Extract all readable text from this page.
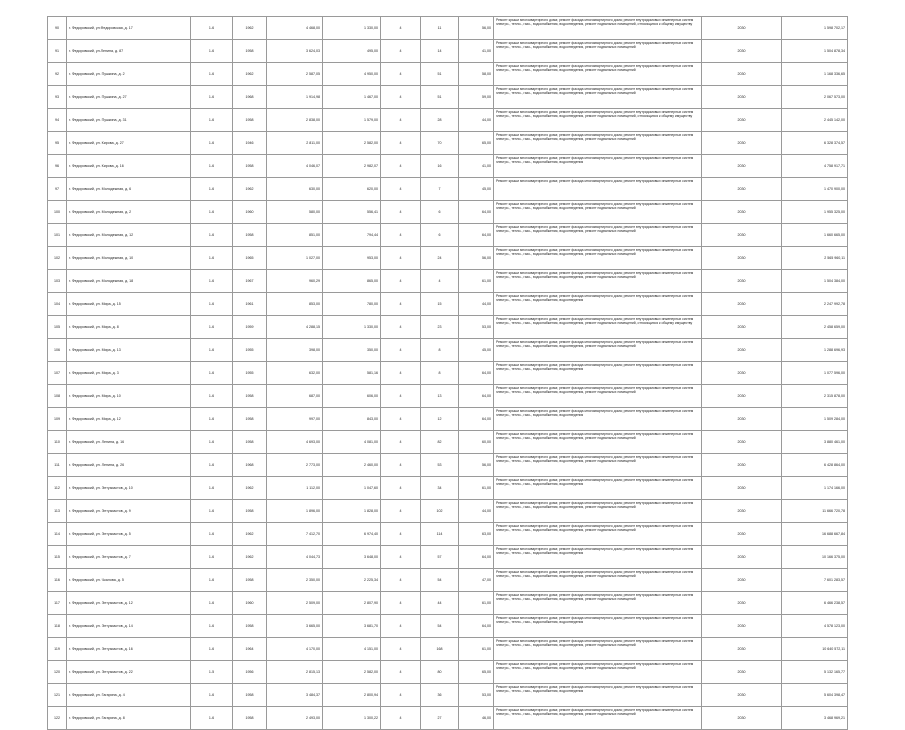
90	г. Федоровский, ул.Федоровская, д. 17	1-6	1962	4 468,00	1 330,00	4	11	56,00	Ремонт крыши многоквартирного дома; ремонт фасада многоквартирного дома; ремонт внутридомовых инженерных систем электро-, тепло-, газо-, водоснабжения, водоотведения, ремонт подвальных помещений, относящихся к общему имуществу	2030	1 598 702,17
91	г. Федоровский, ул.Ленина, д. 87	1-6	1958	3 624,03	495,00	4	14	41,00	Ремонт крыши многоквартирного дома; ремонт фасада многоквартирного дома; ремонт внутридомовых инженерных систем электро-, тепло-, газо-, водоснабжения, водоотведения, ремонт подвальных помещений	2030	1 504 878,34
92	г. Федоровский, ул. Пушкина, д. 2	1-6	1962	2 587,05	4 950,00	4	51	58,00	Ремонт крыши многоквартирного дома; ремонт фасада многоквартирного дома; ремонт внутридомовых инженерных систем электро-, тепло-, газо-, водоснабжения, водоотведения, ремонт подвальных помещений	2030	1 168 336,65
93	г. Федоровский, ул. Пушкина, д. 27	1-6	1968	1 914,98	1 467,00	4	51	59,00	Ремонт крыши многоквартирного дома; ремонт фасада многоквартирного дома; ремонт внутридомовых инженерных систем электро-, тепло-, газо-, водоснабжения, водоотведения, ремонт подвальных помещений	2030	2 067 573,00
94	г. Федоровский, ул. Пушкина, д. 31	1-6	1958	2 838,00	1 579,00	4	28	44,00	Ремонт крыши многоквартирного дома; ремонт фасада многоквартирного дома; ремонт внутридомовых инженерных систем электро-, тепло-, газо-, водоснабжения, водоотведения, ремонт подвальных помещений, относящихся к общему имуществу	2030	2 445 142,00
95	г. Федоровский, ул. Кирова, д. 27	1-6	1946	2 811,00	2 582,00	4	70	65,00	Ремонт крыши многоквартирного дома; ремонт фасада многоквартирного дома; ремонт внутридомовых инженерных систем электро-, тепло-, газо-, водоснабжения, водоотведения, ремонт подвальных помещений	2030	6 328 374,57
96	г. Федоровский, ул. Кирова, д. 16	1-6	1958	4 046,07	2 982,07	4	16	41,00	Ремонт крыши многоквартирного дома; ремонт фасада многоквартирного дома; ремонт внутридомовых инженерных систем электро-, тепло-, газо-, водоснабжения, водоотведения	2030	4 758 917,71
97	г. Федоровский, ул. Молодежная, д. 6	1-6	1962	630,00	620,00	4	7	45,00	Ремонт крыши многоквартирного дома; ремонт фасада многоквартирного дома; ремонт внутридомовых инженерных систем	2030	1 470 900,00
100	г. Федоровский, ул. Молодежная, д. 2	1-6	1960	580,00	556,41	4	6	64,00	Ремонт крыши многоквартирного дома; ремонт фасада многоквартирного дома; ремонт внутридомовых инженерных систем электро-, тепло-, газо-, водоснабжения, водоотведения, ремонт подвальных помещений	2030	1 955 325,00
101	г. Федоровский, ул. Молодежная, д. 12	1-6	1958	851,00	794,44	4	6	64,00	Ремонт крыши многоквартирного дома; ремонт фасада многоквартирного дома; ремонт внутридомовых инженерных систем электро-, тепло-, газо-, водоснабжения, водоотведения, ремонт подвальных помещений	2030	1 660 665,00
102	г. Федоровский, ул. Молодежная, д. 10	1-6	1965	1 027,00	953,00	4	24	56,00	Ремонт крыши многоквартирного дома; ремонт фасада многоквартирного дома; ремонт внутридомовых инженерных систем электро-, тепло-, газо-, водоснабжения, водоотведения, ремонт подвальных помещений	2030	2 565 960,11
103	г. Федоровский, ул. Молодежная, д. 18	1-6	1967	960,29	865,00	4	4	61,00	Ремонт крыши многоквартирного дома; ремонт фасада многоквартирного дома; ремонт внутридомовых инженерных систем электро-, тепло-, газо-, водоснабжения, водоотведения, ремонт подвальных помещений	2030	1 504 384,00
104	г. Федоровский, ул. Мира, д. 15	1-6	1961	853,00	780,00	4	15	44,00	Ремонт крыши многоквартирного дома; ремонт фасада многоквартирного дома; ремонт внутридомовых инженерных систем электро-, тепло-, газо-, водоснабжения, водоотведения	2030	2 247 992,78
105	г. Федоровский, ул. Мира, д. 8	1-6	1959	4 288,15	1 330,00	4	23	53,00	Ремонт крыши многоквартирного дома; ремонт фасада многоквартирного дома; ремонт внутридомовых инженерных систем электро-, тепло-, газо-, водоснабжения, водоотведения, ремонт подвальных помещений, относящихся к общему имуществу	2030	2 458 659,00
106	г. Федоровский, ул. Мира, д. 13	1-6	1955	398,00	350,00	4	8	45,00	Ремонт крыши многоквартирного дома; ремонт фасада многоквартирного дома; ремонт внутридомовых инженерных систем электро-, тепло-, газо-, водоснабжения, водоотведения, ремонт подвальных помещений	2030	1 288 696,93
107	г. Федоровский, ул. Мира, д. 3	1-6	1955	632,00	581,16	4	8	64,00	Ремонт крыши многоквартирного дома; ремонт фасада многоквартирного дома; ремонт внутридомовых инженерных систем электро-, тепло-, газо-, водоснабжения, водоотведения	2030	1 077 596,00
108	г. Федоровский, ул. Мира, д. 10	1-6	1958	687,00	606,00	4	13	64,00	Ремонт крыши многоквартирного дома; ремонт фасада многоквартирного дома; ремонт внутридомовых инженерных систем электро-, тепло-, газо-, водоснабжения, водоотведения, ремонт подвальных помещений	2030	2 315 878,00
109	г. Федоровский, ул. Мира, д. 12	1-6	1958	997,00	843,00	4	12	64,00	Ремонт крыши многоквартирного дома; ремонт фасада многоквартирного дома; ремонт внутридомовых инженерных систем электро-, тепло-, газо-, водоснабжения, водоотведения	2030	1 509 284,00
110	г. Федоровский, ул. Ленина, д. 16	1-6	1958	4 693,00	4 081,00	4	82	60,00	Ремонт крыши многоквартирного дома; ремонт фасада многоквартирного дома; ремонт внутридомовых инженерных систем электро-, тепло-, газо-, водоснабжения, водоотведения, ремонт подвальных помещений	2030	3 880 461,00
111	г. Федоровский, ул. Ленина, д. 26	1-6	1968	2 773,00	2 460,00	4	53	56,00	Ремонт крыши многоквартирного дома; ремонт фасада многоквартирного дома; ремонт внутридомовых инженерных систем электро-, тепло-, газо-, водоснабжения, водоотведения, ремонт подвальных помещений	2030	6 428 864,00
112	г. Федоровский, ул. Энтузиастов, д. 10	1-6	1962	1 112,00	1 047,60	4	34	61,00	Ремонт крыши многоквартирного дома; ремонт фасада многоквартирного дома; ремонт внутридомовых инженерных систем электро-, тепло-, газо-, водоснабжения, водоотведения	2030	1 174 166,00
113	г. Федоровский, ул. Энтузиастов, д. 9	1-6	1958	1 896,00	1 828,00	4	102	44,00	Ремонт крыши многоквартирного дома; ремонт фасада многоквартирного дома; ремонт внутридомовых инженерных систем электро-, тепло-, газо-, водоснабжения, водоотведения, ремонт подвальных помещений	2030	11 666 720,78
114	г. Федоровский, ул. Энтузиастов, д. 5	1-6	1962	7 412,70	6 974,40	4	114	63,00	Ремонт крыши многоквартирного дома; ремонт фасада многоквартирного дома; ремонт внутридомовых инженерных систем электро-, тепло-, газо-, водоснабжения, водоотведения, ремонт подвальных помещений	2030	16 688 667,84
115	г. Федоровский, ул. Энтузиастов, д. 7	1-6	1962	4 044,73	3 648,00	4	57	64,00	Ремонт крыши многоквартирного дома; ремонт фасада многоквартирного дома; ремонт внутридомовых инженерных систем электро-, тепло-, газо-, водоснабжения, водоотведения	2030	10 166 375,00
116	г. Федоровский, ул. Чкалова, д. 5	1-6	1958	2 350,00	2 225,34	4	54	47,00	Ремонт крыши многоквартирного дома; ремонт фасада многоквартирного дома; ремонт внутридомовых инженерных систем электро-, тепло-, газо-, водоснабжения, водоотведения, ремонт подвальных помещений	2030	7 601 283,57
117	г. Федоровский, ул. Энтузиастов, д. 12	1-6	1960	2 509,00	2 807,90	4	44	61,00	Ремонт крыши многоквартирного дома; ремонт фасада многоквартирного дома; ремонт внутридомовых инженерных систем электро-, тепло-, газо-, водоснабжения, водоотведения, ремонт подвальных помещений	2030	6 466 238,57
118	г. Федоровский, ул. Энтузиастов, д. 14	1-6	1958	3 665,00	3 681,70	4	54	64,00	Ремонт крыши многоквартирного дома; ремонт фасада многоквартирного дома; ремонт внутридомовых инженерных систем электро-, тепло-, газо-, водоснабжения, водоотведения	2030	4 578 123,00
119	г. Федоровский, ул. Энтузиастов, д. 16	1-6	1964	4 170,00	4 151,00	4	168	61,00	Ремонт крыши многоквартирного дома; ремонт фасада многоквартирного дома; ремонт внутридомовых инженерных систем электро-, тепло-, газо-, водоснабжения, водоотведения, ремонт подвальных помещений	2030	10 640 572,11
120	г. Федоровский, ул. Энтузиастов, д. 22	1-5	1956	2 815,13	2 582,00	4	80	65,00	Ремонт крыши многоквартирного дома; ремонт фасада многоквартирного дома; ремонт внутридомовых инженерных систем электро-, тепло-, газо-, водоснабжения, водоотведения, ремонт подвальных помещений	2030	5 132 165,77
121	г. Федоровский, ул. Гагарина, д. 4	1-6	1958	3 484,37	2 800,94	4	36	53,00	Ремонт крыши многоквартирного дома; ремонт фасада многоквартирного дома; ремонт внутридомовых инженерных систем электро-, тепло-, газо-, водоснабжения, водоотведения	2030	5 604 398,47
122	г. Федоровский, ул. Гагарина, д. 8	1-6	1958	2 493,00	1 300,22	4	27	46,00	Ремонт крыши многоквартирного дома; ремонт фасада многоквартирного дома; ремонт внутридомовых инженерных систем электро-, тепло-, газо-, водоснабжения, водоотведения, ремонт подвальных помещений	2030	3 468 969,21
